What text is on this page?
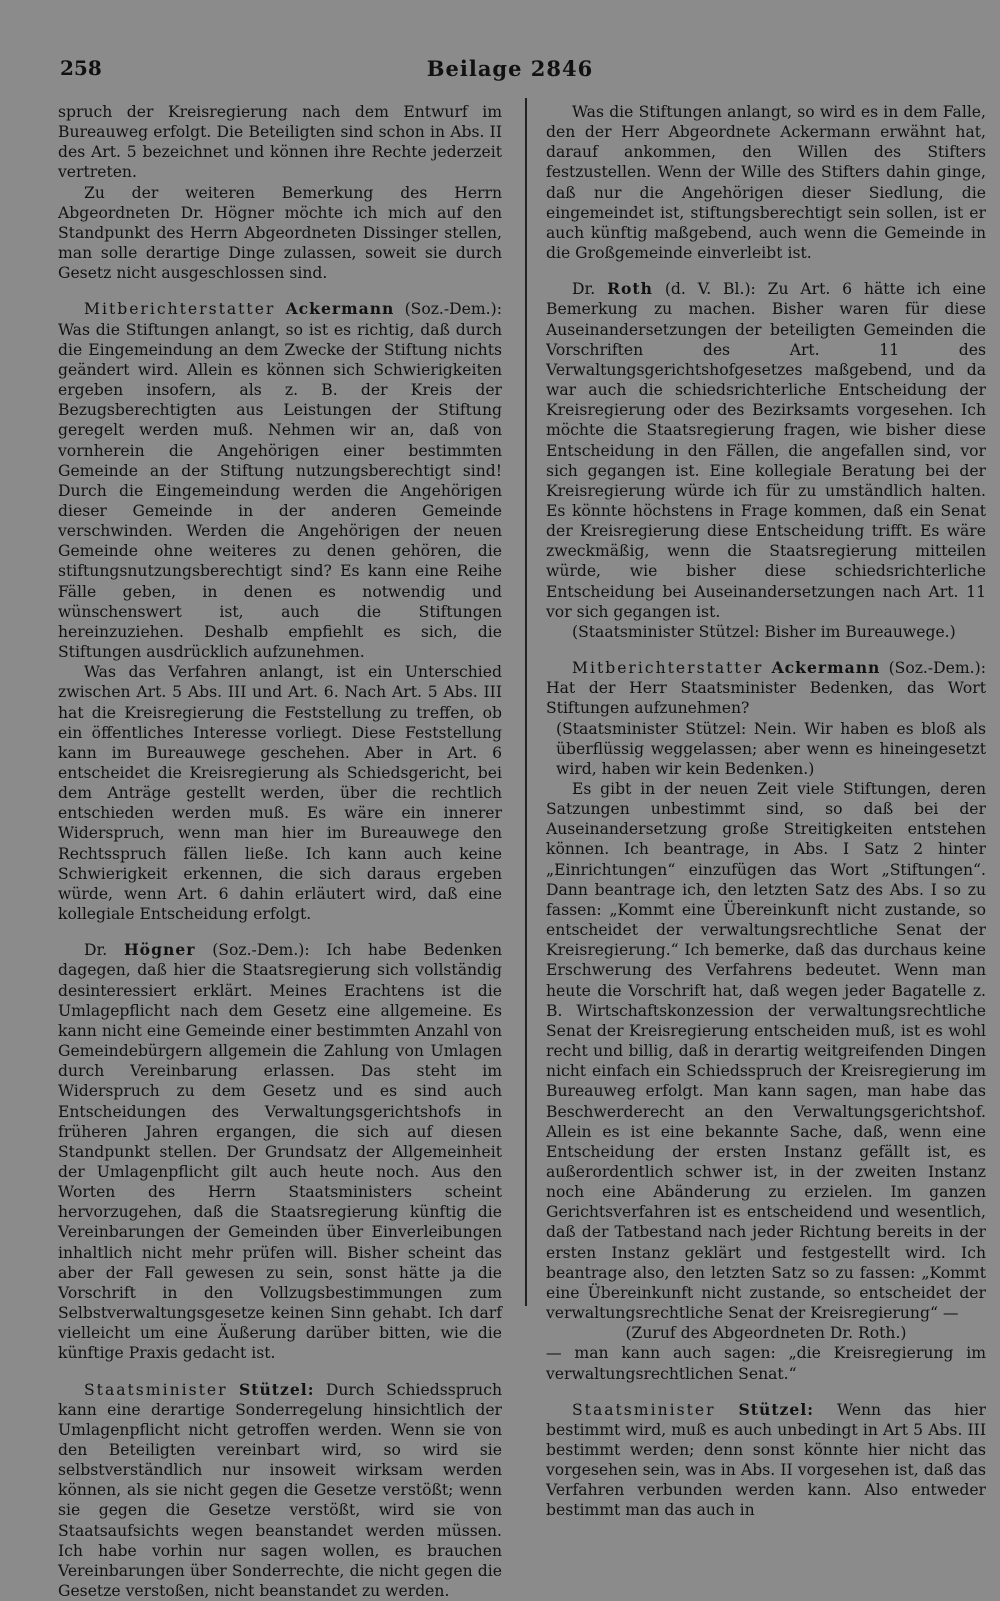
258	Beilage 2846

spruch der Kreisregierung nach dem Entwurf im Bureauweg erfolgt. Die Beteiligten sind schon in Abs. II des Art. 5 bezeichnet und können ihre Rechte jederzeit vertreten.

Zu der weiteren Bemerkung des Herrn Abgeordneten Dr. Högner möchte ich mich auf den Standpunkt des Herrn Abgeordneten Dissinger stellen, man solle derartige Dinge zulassen, soweit sie durch Gesetz nicht ausgeschlossen sind.

Mitberichterstatter Ackermann (Soz.-Dem.): Was die Stiftungen anlangt, so ist es richtig, daß durch die Eingemeindung an dem Zwecke der Stiftung nichts geändert wird. Allein es können sich Schwierigkeiten ergeben insofern, als z. B. der Kreis der Bezugsberechtigten aus Leistungen der Stiftung geregelt werden muß. Nehmen wir an, daß von vornherein die Angehörigen einer bestimmten Gemeinde an der Stiftung nutzungsberechtigt sind! Durch die Eingemeindung werden die Angehörigen dieser Gemeinde in der anderen Gemeinde verschwinden. Werden die Angehörigen der neuen Gemeinde ohne weiteres zu denen gehören, die stiftungsnutzungsberechtigt sind? Es kann eine Reihe Fälle geben, in denen es notwendig und wünschenswert ist, auch die Stiftungen hereinzuziehen. Deshalb empfiehlt es sich, die Stiftungen ausdrücklich aufzunehmen.

Was das Verfahren anlangt, ist ein Unterschied zwischen Art. 5 Abs. III und Art. 6. Nach Art. 5 Abs. III hat die Kreisregierung die Feststellung zu treffen, ob ein öffentliches Interesse vorliegt. Diese Feststellung kann im Bureauwege geschehen. Aber in Art. 6 entscheidet die Kreisregierung als Schiedsgericht, bei dem Anträge gestellt werden, über die rechtlich entschieden werden muß. Es wäre ein innerer Widerspruch, wenn man hier im Bureauwege den Rechtsspruch fällen ließe. Ich kann auch keine Schwierigkeit erkennen, die sich daraus ergeben würde, wenn Art. 6 dahin erläutert wird, daß eine kollegiale Entscheidung erfolgt.

Dr. Högner (Soz.-Dem.): Ich habe Bedenken dagegen, daß hier die Staatsregierung sich vollständig desinteressiert erklärt. Meines Erachtens ist die Umlagepflicht nach dem Gesetz eine allgemeine. Es kann nicht eine Gemeinde einer bestimmten Anzahl von Gemeindebürgern allgemein die Zahlung von Umlagen durch Vereinbarung erlassen. Das steht im Widerspruch zu dem Gesetz und es sind auch Entscheidungen des Verwaltungsgerichtshofs in früheren Jahren ergangen, die sich auf diesen Standpunkt stellen. Der Grundsatz der Allgemeinheit der Umlagenpflicht gilt auch heute noch. Aus den Worten des Herrn Staatsministers scheint hervorzugehen, daß die Staatsregierung künftig die Vereinbarungen der Gemeinden über Einverleibungen inhaltlich nicht mehr prüfen will. Bisher scheint das aber der Fall gewesen zu sein, sonst hätte ja die Vorschrift in den Vollzugsbestimmungen zum Selbstverwaltungsgesetze keinen Sinn gehabt. Ich darf vielleicht um eine Äußerung darüber bitten, wie die künftige Praxis gedacht ist.

Staatsminister Stützel: Durch Schiedsspruch kann eine derartige Sonderregelung hinsichtlich der Umlagenpflicht nicht getroffen werden. Wenn sie von den Beteiligten vereinbart wird, so wird sie selbstverständlich nur insoweit wirksam werden können, als sie nicht gegen die Gesetze verstößt; wenn sie gegen die Gesetze verstößt, wird sie von Staatsaufsichts wegen beanstandet werden müssen. Ich habe vorhin nur sagen wollen, es brauchen Vereinbarungen über Sonderrechte, die nicht gegen die Gesetze verstoßen, nicht beanstandet zu werden.

Was die Stiftungen anlangt, so wird es in dem Falle, den der Herr Abgeordnete Ackermann erwähnt hat, darauf ankommen, den Willen des Stifters festzustellen. Wenn der Wille des Stifters dahin ginge, daß nur die Angehörigen dieser Siedlung, die eingemeindet ist, stiftungsberechtigt sein sollen, ist er auch künftig maßgebend, auch wenn die Gemeinde in die Großgemeinde einverleibt ist.

Dr. Roth (d. V. Bl.): Zu Art. 6 hätte ich eine Bemerkung zu machen. Bisher waren für diese Auseinandersetzungen der beteiligten Gemeinden die Vorschriften des Art. 11 des Verwaltungsgerichtshofgesetzes maßgebend, und da war auch die schiedsrichterliche Entscheidung der Kreisregierung oder des Bezirksamts vorgesehen. Ich möchte die Staatsregierung fragen, wie bisher diese Entscheidung in den Fällen, die angefallen sind, vor sich gegangen ist. Eine kollegiale Beratung bei der Kreisregierung würde ich für zu umständlich halten. Es könnte höchstens in Frage kommen, daß ein Senat der Kreisregierung diese Entscheidung trifft. Es wäre zweckmäßig, wenn die Staatsregierung mitteilen würde, wie bisher diese schiedsrichterliche Entscheidung bei Auseinandersetzungen nach Art. 11 vor sich gegangen ist.

(Staatsminister Stützel: Bisher im Bureauwege.)

Mitberichterstatter Ackermann (Soz.-Dem.): Hat der Herr Staatsminister Bedenken, das Wort Stiftungen aufzunehmen?

(Staatsminister Stützel: Nein. Wir haben es bloß als überflüssig weggelassen; aber wenn es hineingesetzt wird, haben wir kein Bedenken.)

Es gibt in der neuen Zeit viele Stiftungen, deren Satzungen unbestimmt sind, so daß bei der Auseinandersetzung große Streitigkeiten entstehen können. Ich beantrage, in Abs. I Satz 2 hinter „Einrichtungen“ einzufügen das Wort „Stiftungen“. Dann beantrage ich, den letzten Satz des Abs. I so zu fassen: „Kommt eine Übereinkunft nicht zustande, so entscheidet der verwaltungsrechtliche Senat der Kreisregierung.“ Ich bemerke, daß das durchaus keine Erschwerung des Verfahrens bedeutet. Wenn man heute die Vorschrift hat, daß wegen jeder Bagatelle z. B. Wirtschaftskonzession der verwaltungsrechtliche Senat der Kreisregierung entscheiden muß, ist es wohl recht und billig, daß in derartig weitgreifenden Dingen nicht einfach ein Schiedsspruch der Kreisregierung im Bureauweg erfolgt. Man kann sagen, man habe das Beschwerderecht an den Verwaltungsgerichtshof. Allein es ist eine bekannte Sache, daß, wenn eine Entscheidung der ersten Instanz gefällt ist, es außerordentlich schwer ist, in der zweiten Instanz noch eine Abänderung zu erzielen. Im ganzen Gerichtsverfahren ist es entscheidend und wesentlich, daß der Tatbestand nach jeder Richtung bereits in der ersten Instanz geklärt und festgestellt wird. Ich beantrage also, den letzten Satz so zu fassen: „Kommt eine Übereinkunft nicht zustande, so entscheidet der verwaltungsrechtliche Senat der Kreisregierung“ —

(Zuruf des Abgeordneten Dr. Roth.)

— man kann auch sagen: „die Kreisregierung im verwaltungsrechtlichen Senat.“

Staatsminister Stützel: Wenn das hier bestimmt wird, muß es auch unbedingt in Art 5 Abs. III bestimmt werden; denn sonst könnte hier nicht das vorgesehen sein, was in Abs. II vorgesehen ist, daß das Verfahren verbunden werden kann. Also entweder bestimmt man das auch in
